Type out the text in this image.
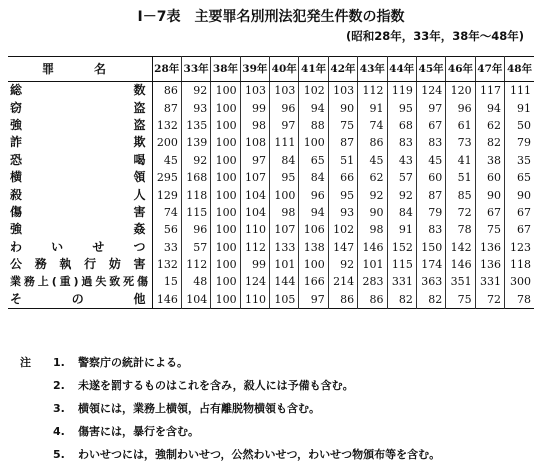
I－7表　主要罪名別刑法犯発生件数の指数
(昭和28年，33年，38年～48年)
罪 名	28年	33年	38年	39年	40年	41年	42年	43年	44年	45年	46年	47年	48年
総　　　数	86	92	100	103	103	102	103	112	119	124	120	117	111
窃　　　盗	87	93	100	99	96	94	90	91	95	97	96	94	91
強　　　盗	132	135	100	98	97	88	75	74	68	67	61	62	50
詐　　　欺	200	139	100	108	111	100	87	86	83	83	73	82	79
恐　　　喝	45	92	100	97	84	65	51	45	43	45	41	38	35
横　　　領	295	168	100	107	95	84	66	62	57	60	51	60	65
殺　　　人	129	118	100	104	100	96	95	92	92	87	85	90	90
傷　　　害	74	115	100	104	98	94	93	90	84	79	72	67	67
強　　　姦	56	96	100	110	107	106	102	98	91	83	78	75	67
わ　い　せ　つ	33	57	100	112	133	138	147	146	152	150	142	136	123
公務執行妨害	132	112	100	99	101	100	92	101	115	174	146	136	118
業務上(重)過失致死傷	15	48	100	124	144	166	214	283	331	363	351	331	300
そ　の　他	146	104	100	110	105	97	86	86	82	82	75	72	78
注 1. 警察庁の統計による。
2. 未遂を罰するものはこれを含み，殺人には予備も含む。
3. 横領には，業務上横領，占有離脱物横領も含む。
4. 傷害には，暴行を含む。
5. わいせつには，強制わいせつ，公然わいせつ，わいせつ物頒布等を含む。
